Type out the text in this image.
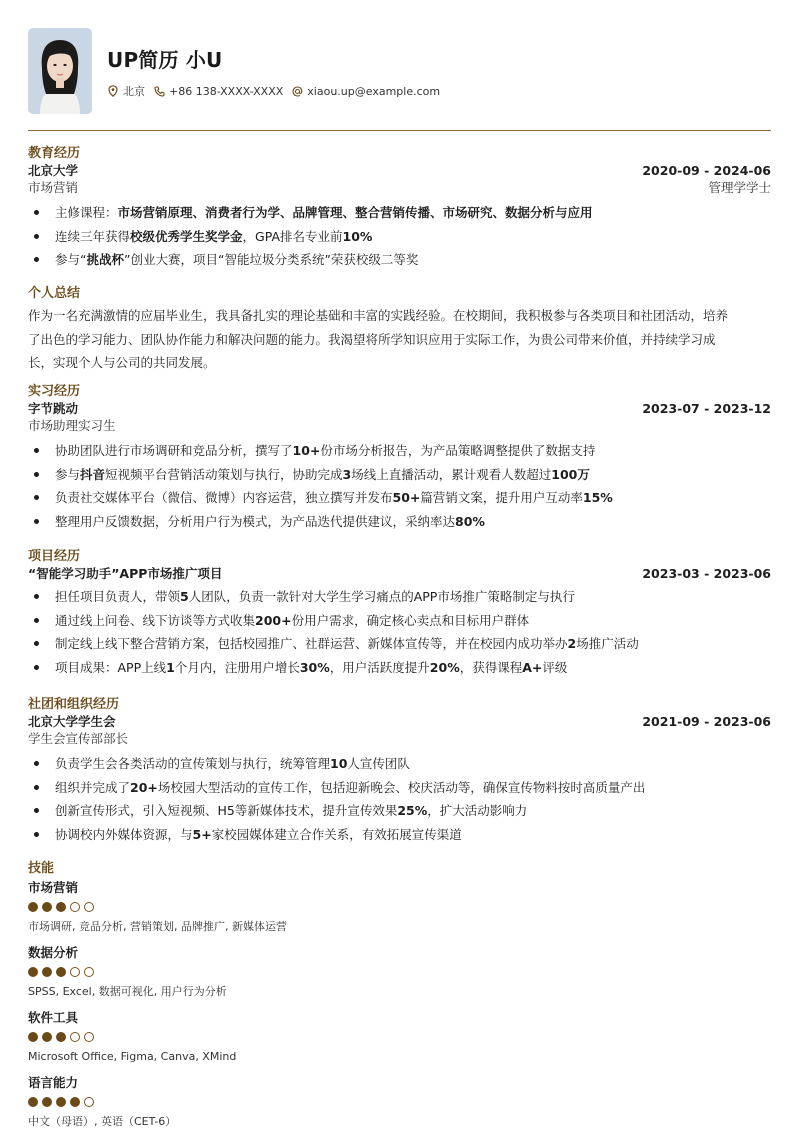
UP简历 小U
北京 +86 138-XXXX-XXXX xiaou.up@example.com
教育经历
北京大学	2020-09 - 2024-06
市场营销	管理学学士
主修课程：市场营销原理、消费者行为学、品牌管理、整合营销传播、市场研究、数据分析与应用
连续三年获得校级优秀学生奖学金，GPA排名专业前10%
参与“挑战杯”创业大赛，项目“智能垃圾分类系统”荣获校级二等奖
个人总结
作为一名充满激情的应届毕业生，我具备扎实的理论基础和丰富的实践经验。在校期间，我积极参与各类项目和社团活动，培养
了出色的学习能力、团队协作能力和解决问题的能力。我渴望将所学知识应用于实际工作，为贵公司带来价值，并持续学习成
长，实现个人与公司的共同发展。
实习经历
字节跳动	2023-07 - 2023-12
市场助理实习生
协助团队进行市场调研和竞品分析，撰写了10+份市场分析报告，为产品策略调整提供了数据支持
参与抖音短视频平台营销活动策划与执行，协助完成3场线上直播活动，累计观看人数超过100万
负责社交媒体平台（微信、微博）内容运营，独立撰写并发布50+篇营销文案，提升用户互动率15%
整理用户反馈数据，分析用户行为模式，为产品迭代提供建议，采纳率达80%
项目经历
“智能学习助手”APP市场推广项目	2023-03 - 2023-06
担任项目负责人，带领5人团队，负责一款针对大学生学习痛点的APP市场推广策略制定与执行
通过线上问卷、线下访谈等方式收集200+份用户需求，确定核心卖点和目标用户群体
制定线上线下整合营销方案，包括校园推广、社群运营、新媒体宣传等，并在校园内成功举办2场推广活动
项目成果：APP上线1个月内，注册用户增长30%，用户活跃度提升20%，获得课程A+评级
社团和组织经历
北京大学学生会	2021-09 - 2023-06
学生会宣传部部长
负责学生会各类活动的宣传策划与执行，统筹管理10人宣传团队
组织并完成了20+场校园大型活动的宣传工作，包括迎新晚会、校庆活动等，确保宣传物料按时高质量产出
创新宣传形式，引入短视频、H5等新媒体技术，提升宣传效果25%，扩大活动影响力
协调校内外媒体资源，与5+家校园媒体建立合作关系，有效拓展宣传渠道
技能
市场营销
市场调研, 竞品分析, 营销策划, 品牌推广, 新媒体运营
数据分析
SPSS, Excel, 数据可视化, 用户行为分析
软件工具
Microsoft Office, Figma, Canva, XMind
语言能力
中文（母语）, 英语（CET-6）
